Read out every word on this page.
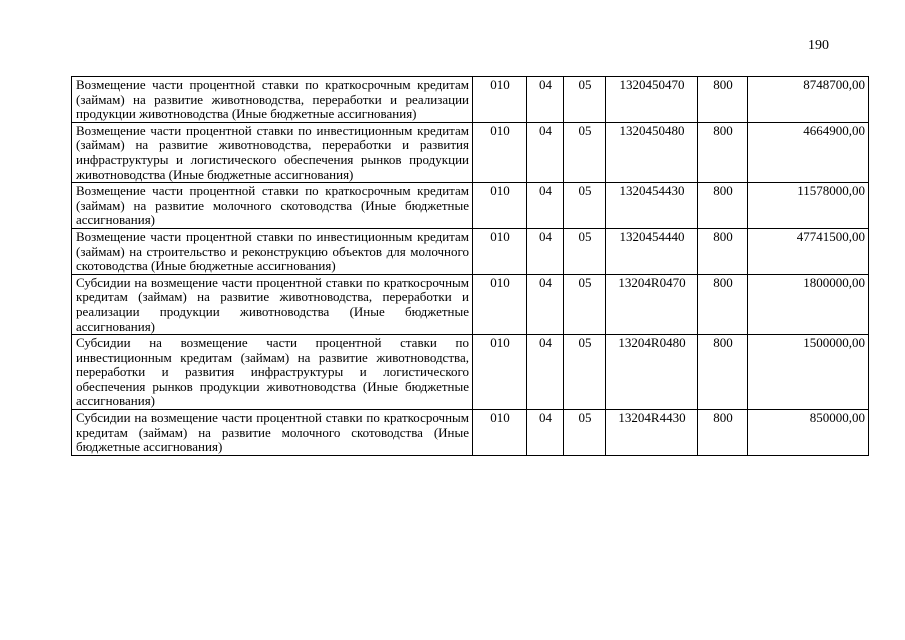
190
Возмещение части процентной ставки по краткосрочным кредитам (займам) на развитие животноводства, переработки и реализации продукции животноводства (Иные бюджетные ассигнования)	010	04	05	1320450470	800	8748700,00
Возмещение части процентной ставки по инвестиционным кредитам (займам) на развитие животноводства, переработки и развития инфраструктуры и логистического обеспечения рынков продукции животноводства (Иные бюджетные ассигнования)	010	04	05	1320450480	800	4664900,00
Возмещение части процентной ставки по краткосрочным кредитам (займам) на развитие молочного скотоводства (Иные бюджетные ассигнования)	010	04	05	1320454430	800	11578000,00
Возмещение части процентной ставки по инвестиционным кредитам (займам) на строительство и реконструкцию объектов для молочного скотоводства (Иные бюджетные ассигнования)	010	04	05	1320454440	800	47741500,00
Субсидии на возмещение части процентной ставки по краткосрочным кредитам (займам) на развитие животноводства, переработки и реализации продукции животноводства (Иные бюджетные ассигнования)	010	04	05	13204R0470	800	1800000,00
Субсидии на возмещение части процентной ставки по инвестиционным кредитам (займам) на развитие животноводства, переработки и развития инфраструктуры и логистического обеспечения рынков продукции животноводства (Иные бюджетные ассигнования)	010	04	05	13204R0480	800	1500000,00
Субсидии на возмещение части процентной ставки по краткосрочным кредитам (займам) на развитие молочного скотоводства (Иные бюджетные ассигнования)	010	04	05	13204R4430	800	850000,00
